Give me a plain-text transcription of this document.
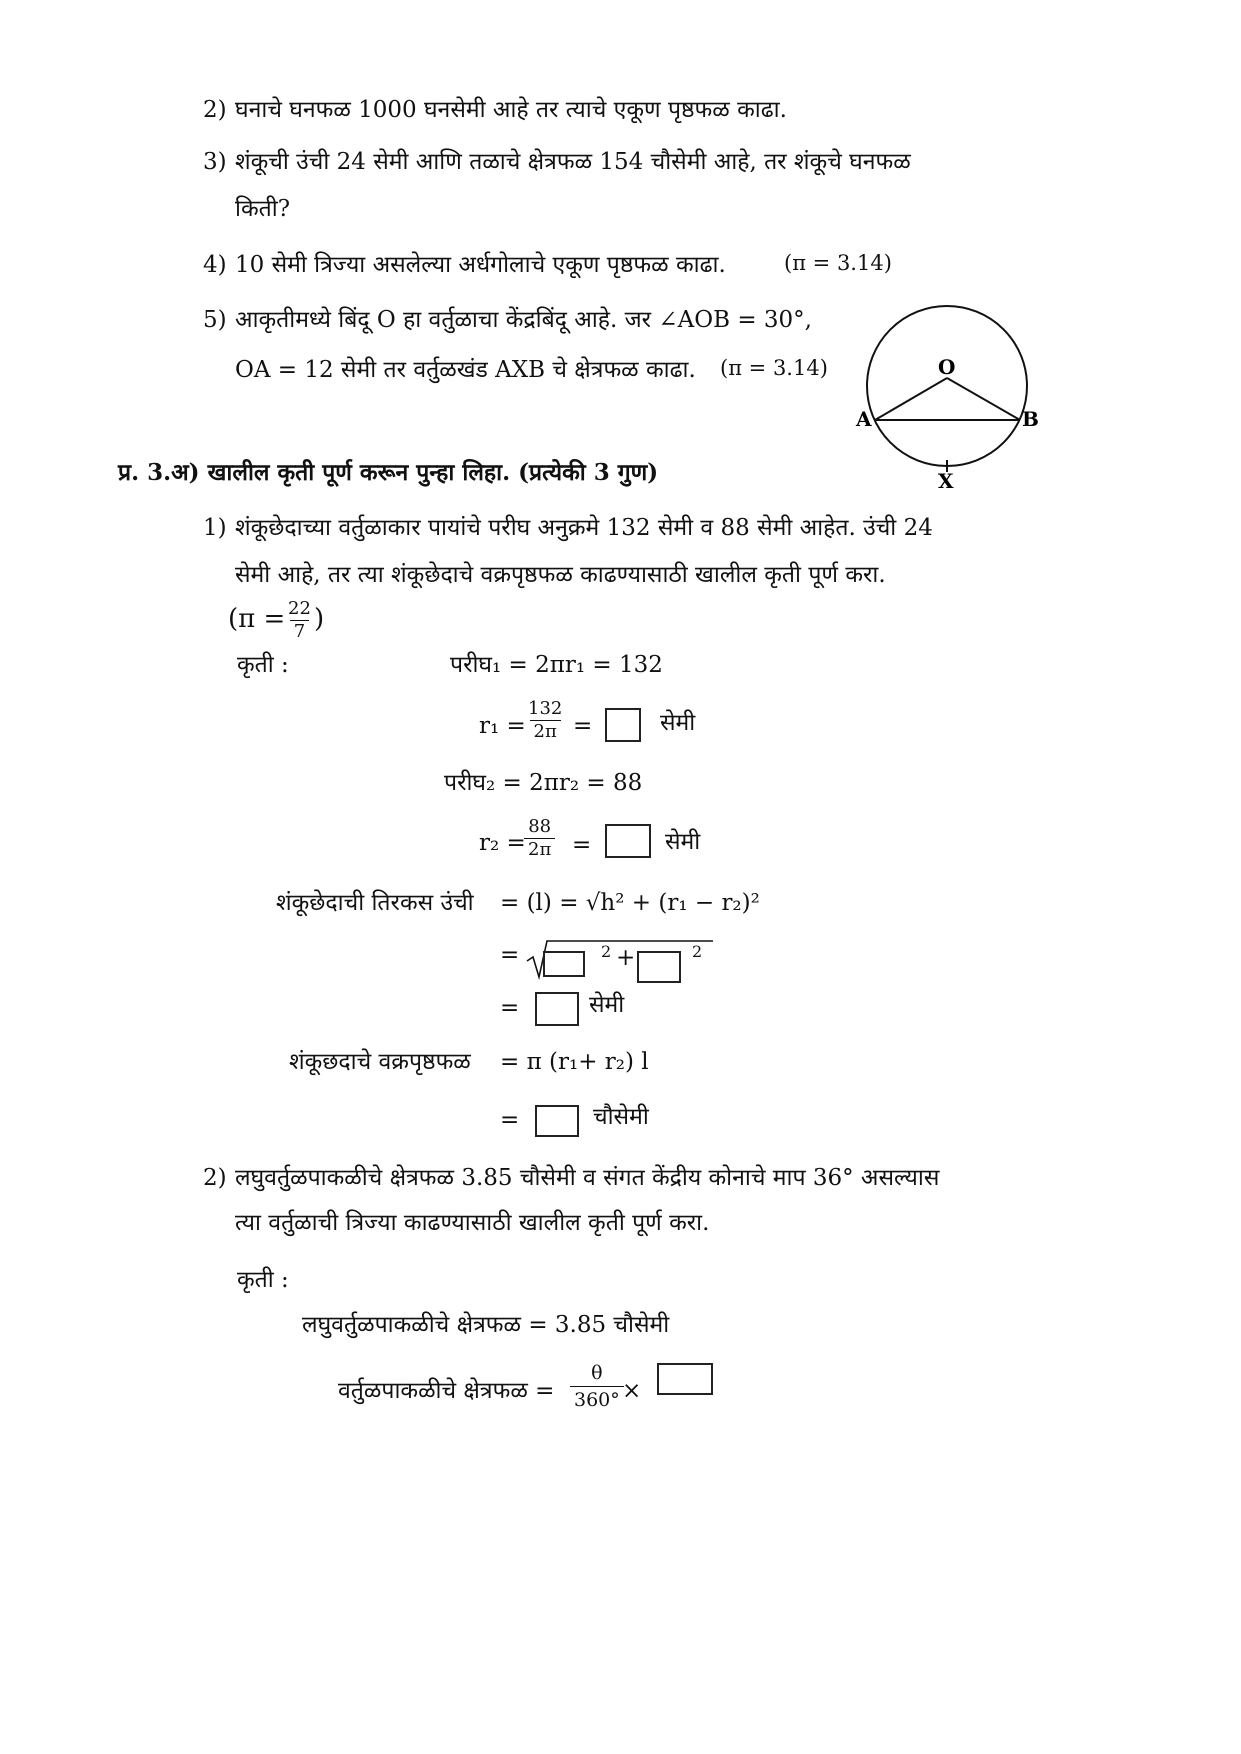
2) घनाचे घनफळ 1000 घनसेमी आहे तर त्याचे एकूण पृष्ठफळ काढा.
3) शंकूची उंची 24 सेमी आणि तळाचे क्षेत्रफळ 154 चौसेमी आहे, तर शंकूचे घनफळ
किती?
4) 10 सेमी त्रिज्या असलेल्या अर्धगोलाचे एकूण पृष्ठफळ काढा.	(π = 3.14)
5) आकृतीमध्ये बिंदू O हा वर्तुळाचा केंद्रबिंदू आहे. जर ∠AOB = 30°,
OA = 12 सेमी तर वर्तुळखंड AXB चे क्षेत्रफळ काढा. (π = 3.14)	O
A	B
X
प्र. 3.अ) खालील कृती पूर्ण करून पुन्हा लिहा. (प्रत्येकी 3 गुण)
1) शंकूछेदाच्या वर्तुळाकार पायांचे परीघ अनुक्रमे 132 सेमी व 88 सेमी आहेत. उंची 24
सेमी आहे, तर त्या शंकूछेदाचे वक्रपृष्ठफळ काढण्यासाठी खालील कृती पूर्ण करा.
(π =
$\frac{22}{7}$ )
कृती :	परीघ₁ = 2πr₁ = 132
r₁ =
$\frac{132}{2\pi}$ =	सेमी
परीघ₂ = 2πr₂ = 88
r₂ =
$\frac{88}{2\pi}$ =	सेमी
शंकूछेदाची तिरकस उंची = (l) = √h² + (r₁ − r₂)²
=	2 +	2
=	सेमी
शंकूछदाचे वक्रपृष्ठफळ = π (r₁+ r₂) l
=	चौसेमी
2) लघुवर्तुळपाकळीचे क्षेत्रफळ 3.85 चौसेमी व संगत केंद्रीय कोनाचे माप 36° असल्यास
त्या वर्तुळाची त्रिज्या काढण्यासाठी खालील कृती पूर्ण करा.
कृती :
लघुवर्तुळपाकळीचे क्षेत्रफळ = 3.85 चौसेमी
वर्तुळपाकळीचे क्षेत्रफळ = $\frac{\theta}{360^\circ}$
×
